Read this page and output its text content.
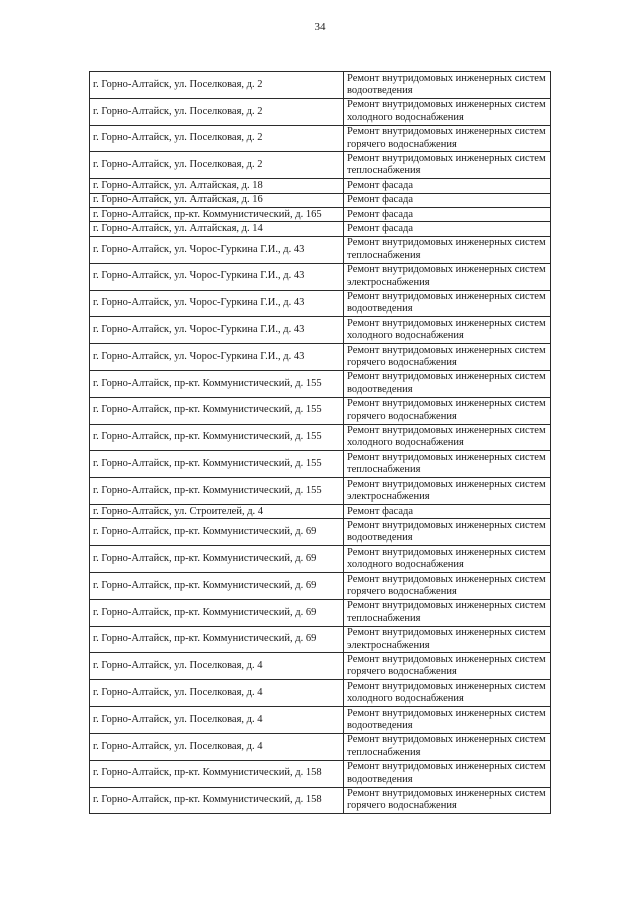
34
г. Горно-Алтайск, ул. Поселковая, д. 2	Ремонт внутридомовых инженерных систем водоотведения
г. Горно-Алтайск, ул. Поселковая, д. 2	Ремонт внутридомовых инженерных систем холодного водоснабжения
г. Горно-Алтайск, ул. Поселковая, д. 2	Ремонт внутридомовых инженерных систем горячего водоснабжения
г. Горно-Алтайск, ул. Поселковая, д. 2	Ремонт внутридомовых инженерных систем теплоснабжения
г. Горно-Алтайск, ул. Алтайская, д. 18	Ремонт фасада
г. Горно-Алтайск, ул. Алтайская, д. 16	Ремонт фасада
г. Горно-Алтайск, пр-кт. Коммунистический, д. 165	Ремонт фасада
г. Горно-Алтайск, ул. Алтайская, д. 14	Ремонт фасада
г. Горно-Алтайск, ул. Чорос-Гуркина Г.И., д. 43	Ремонт внутридомовых инженерных систем теплоснабжения
г. Горно-Алтайск, ул. Чорос-Гуркина Г.И., д. 43	Ремонт внутридомовых инженерных систем электроснабжения
г. Горно-Алтайск, ул. Чорос-Гуркина Г.И., д. 43	Ремонт внутридомовых инженерных систем водоотведения
г. Горно-Алтайск, ул. Чорос-Гуркина Г.И., д. 43	Ремонт внутридомовых инженерных систем холодного водоснабжения
г. Горно-Алтайск, ул. Чорос-Гуркина Г.И., д. 43	Ремонт внутридомовых инженерных систем горячего водоснабжения
г. Горно-Алтайск, пр-кт. Коммунистический, д. 155	Ремонт внутридомовых инженерных систем водоотведения
г. Горно-Алтайск, пр-кт. Коммунистический, д. 155	Ремонт внутридомовых инженерных систем горячего водоснабжения
г. Горно-Алтайск, пр-кт. Коммунистический, д. 155	Ремонт внутридомовых инженерных систем холодного водоснабжения
г. Горно-Алтайск, пр-кт. Коммунистический, д. 155	Ремонт внутридомовых инженерных систем теплоснабжения
г. Горно-Алтайск, пр-кт. Коммунистический, д. 155	Ремонт внутридомовых инженерных систем электроснабжения
г. Горно-Алтайск, ул. Строителей, д. 4	Ремонт фасада
г. Горно-Алтайск, пр-кт. Коммунистический, д. 69	Ремонт внутридомовых инженерных систем водоотведения
г. Горно-Алтайск, пр-кт. Коммунистический, д. 69	Ремонт внутридомовых инженерных систем холодного водоснабжения
г. Горно-Алтайск, пр-кт. Коммунистический, д. 69	Ремонт внутридомовых инженерных систем горячего водоснабжения
г. Горно-Алтайск, пр-кт. Коммунистический, д. 69	Ремонт внутридомовых инженерных систем теплоснабжения
г. Горно-Алтайск, пр-кт. Коммунистический, д. 69	Ремонт внутридомовых инженерных систем электроснабжения
г. Горно-Алтайск, ул. Поселковая, д. 4	Ремонт внутридомовых инженерных систем горячего водоснабжения
г. Горно-Алтайск, ул. Поселковая, д. 4	Ремонт внутридомовых инженерных систем холодного водоснабжения
г. Горно-Алтайск, ул. Поселковая, д. 4	Ремонт внутридомовых инженерных систем водоотведения
г. Горно-Алтайск, ул. Поселковая, д. 4	Ремонт внутридомовых инженерных систем теплоснабжения
г. Горно-Алтайск, пр-кт. Коммунистический, д. 158	Ремонт внутридомовых инженерных систем водоотведения
г. Горно-Алтайск, пр-кт. Коммунистический, д. 158	Ремонт внутридомовых инженерных систем горячего водоснабжения
